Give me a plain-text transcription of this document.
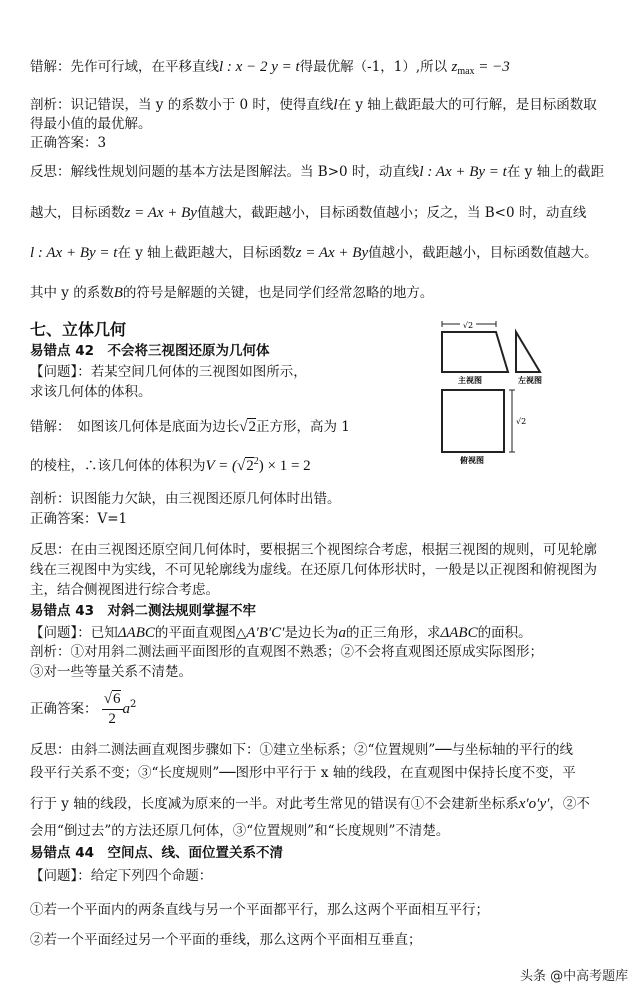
错解：先作可行域，在平移直线l : x − 2 y = t得最优解（-1，1）,所以 $z_{max} = -3$
剖析：识记错误，当 y 的系数小于 0 时，使得直线l在 y 轴上截距最大的可行解，是目标函数取
得最小值的最优解。
正确答案：3
反思：解线性规划问题的基本方法是图解法。当 B>0 时，动直线l : Ax + By = t在 y 轴上的截距
越大，目标函数z = Ax + By值越大，截距越小，目标函数值越小；反之，当 B<0 时，动直线
l : Ax + By = t在 y 轴上截距越大，目标函数z = Ax + By值越小，截距越小，目标函数值越大。
其中 y 的系数B的符号是解题的关键，也是同学们经常忽略的地方。
七、立体几何
易错点 42　不会将三视图还原为几何体
【问题】：若某空间几何体的三视图如图所示，
求该几何体的体积。
错解：　如图该几何体是底面为边长√2正方形，高为 1
的棱柱，∴该几何体的体积为$V = (√2^2) \times 1 = 2$
剖析：识图能力欠缺，由三视图还原几何体时出错。
正确答案：V=1
反思：在由三视图还原空间几何体时，要根据三个视图综合考虑，根据三视图的规则，可见轮廓
线在三视图中为实线，不可见轮廓线为虚线。在还原几何体形状时，一般是以正视图和俯视图为
主，结合侧视图进行综合考虑。
√2
√2
主视图	左视图
俯视图
易错点 43　对斜二测法规则掌握不牢
【问题】：已知ΔABC的平面直观图△A′B′C′是边长为a的正三角形，求ΔABC的面积。
剖析：①对用斜二测法画平面图形的直观图不熟悉；②不会将直观图还原成实际图形；
③对一些等量关系不清楚。
正确答案： $\frac{√6}{2} a^2$
反思：由斜二测法画直观图步骤如下：①建立坐标系；②“位置规则”──与坐标轴的平行的线
段平行关系不变；③“长度规则”──图形中平行于 x 轴的线段，在直观图中保持长度不变，平
行于 y 轴的线段，长度减为原来的一半。对此考生常见的错误有①不会建新坐标系x′o′y′，②不
会用“倒过去”的方法还原几何体，③“位置规则”和“长度规则”不清楚。
易错点 44　空间点、线、面位置关系不清
【问题】：给定下列四个命题：
①若一个平面内的两条直线与另一个平面都平行，那么这两个平面相互平行；
②若一个平面经过另一个平面的垂线，那么这两个平面相互垂直；
头条 @中高考题库
